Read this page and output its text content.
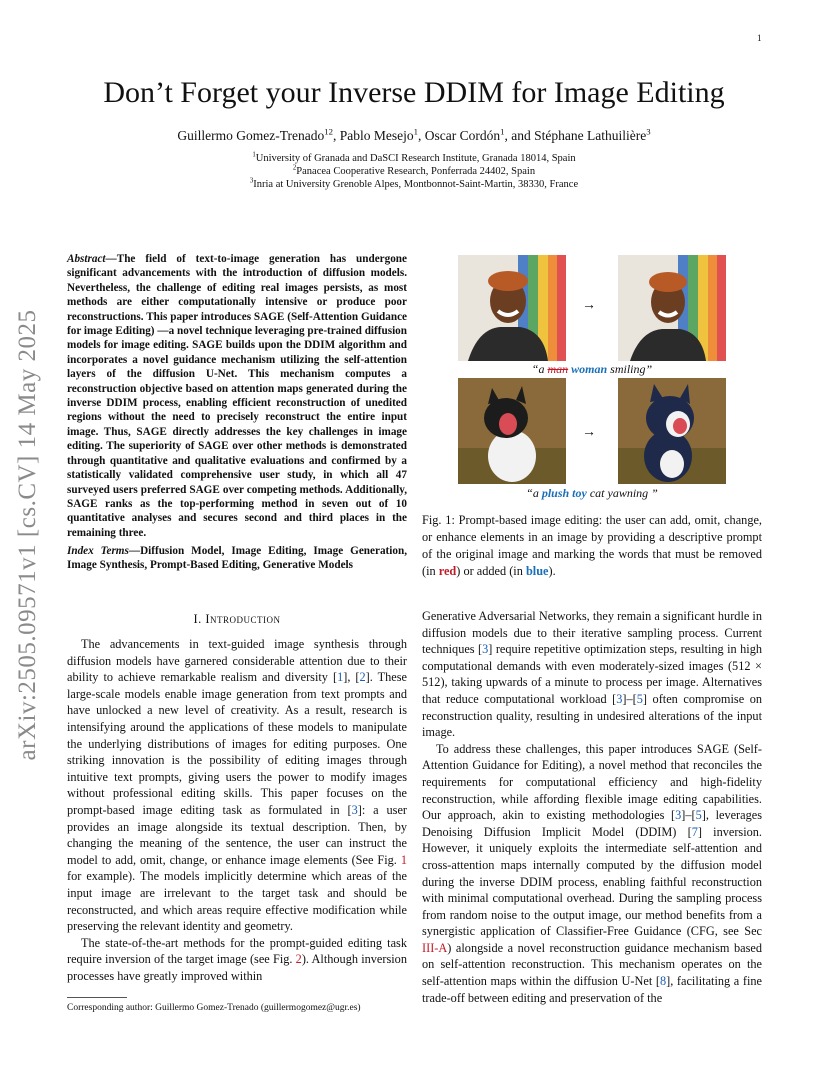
1
arXiv:2505.09571v1 [cs.CV] 14 May 2025
Don’t Forget your Inverse DDIM for Image Editing
Guillermo Gomez-Trenado$^{12}$, Pablo Mesejo$^1$, Oscar Cordón$^1$, and Stéphane Lathuilière$^3$
$^1$University of Granada and DaSCI Research Institute, Granada 18014, Spain
$^2$Panacea Cooperative Research, Ponferrada 24402, Spain
$^3$Inria at University Grenoble Alpes, Montbonnot-Saint-Martin, 38330, France
Abstract—The field of text-to-image generation has undergone significant advancements with the introduction of diffusion models. Nevertheless, the challenge of editing real images persists, as most methods are either computationally intensive or produce poor reconstructions. This paper introduces SAGE (Self-Attention Guidance for image Editing) —a novel technique leveraging pre-trained diffusion models for image editing. SAGE builds upon the DDIM algorithm and incorporates a novel guidance mechanism utilizing the self-attention layers of the diffusion U-Net. This mechanism computes a reconstruction objective based on attention maps generated during the inverse DDIM process, enabling efficient reconstruction of unedited regions without the need to precisely reconstruct the entire input image. Thus, SAGE directly addresses the key challenges in image editing. The superiority of SAGE over other methods is demonstrated through quantitative and qualitative evaluations and confirmed by a statistically validated comprehensive user study, in which all 47 surveyed users preferred SAGE over competing methods. Additionally, SAGE ranks as the top-performing method in seven out of 10 quantitative analyses and secures second and third places in the remaining three.
Index Terms—Diffusion Model, Image Editing, Image Generation, Image Synthesis, Prompt-Based Editing, Generative Models
I. Introduction

The advancements in text-guided image synthesis through diffusion models have garnered considerable attention due to their ability to achieve remarkable realism and diversity [1], [2]. These large-scale models enable image generation from text prompts and have unlocked a new level of creativity. As a result, research is intensifying around the applications of these models to manipulate the underlying distributions of images for editing purposes. One striking innovation is the possibility of editing images through intuitive text prompts, giving users the power to modify images without professional editing skills. This paper focuses on the prompt-based image editing task as formulated in [3]: a user provides an image alongside its textual description. Then, by changing the meaning of the sentence, the user can instruct the model to add, omit, change, or enhance image elements (See Fig. 1 for example). The models implicitly determine which areas of the input image are irrelevant to the target task and should be reconstructed, and which areas require effective modification while preserving the relevant identity and geometry.

The state-of-the-art methods for the prompt-guided editing task require inversion of the target image (see Fig. 2). Although inversion processes have greatly improved within

Corresponding author: Guillermo Gomez-Trenado (guillermogomez@ugr.es)
→
“a man woman smiling”
→
“a plush toy cat yawning ”
Fig. 1: Prompt-based image editing: the user can add, omit, change, or enhance elements in an image by providing a descriptive prompt of the original image and marking the words that must be removed (in red) or added (in blue).

Generative Adversarial Networks, they remain a significant hurdle in diffusion models due to their iterative sampling process. Current techniques [3] require repetitive optimization steps, resulting in high computational demands with even moderately-sized images (512 × 512), taking upwards of a minute to process per image. Alternatives that reduce computational workload [3]–[5] often compromise on reconstruction quality, resulting in undesired alterations of the input image.

To address these challenges, this paper introduces SAGE (Self-Attention Guidance for Editing), a novel method that reconciles the requirements for computational efficiency and high-fidelity reconstruction, while affording flexible image editing capabilities. Our approach, akin to existing methodologies [3]–[5], leverages Denoising Diffusion Implicit Model (DDIM) [7] inversion. However, it uniquely exploits the intermediate self-attention and cross-attention maps internally computed by the diffusion model during the inverse DDIM process, enabling faithful reconstruction with minimal computational overhead. During the sampling process from random noise to the output image, our method benefits from a synergistic application of Classifier-Free Guidance (CFG, see Sec III-A) alongside a novel reconstruction guidance mechanism based on self-attention reconstruction. This mechanism operates on the self-attention maps within the diffusion U-Net [8], facilitating a fine trade-off between editing and preservation of the
